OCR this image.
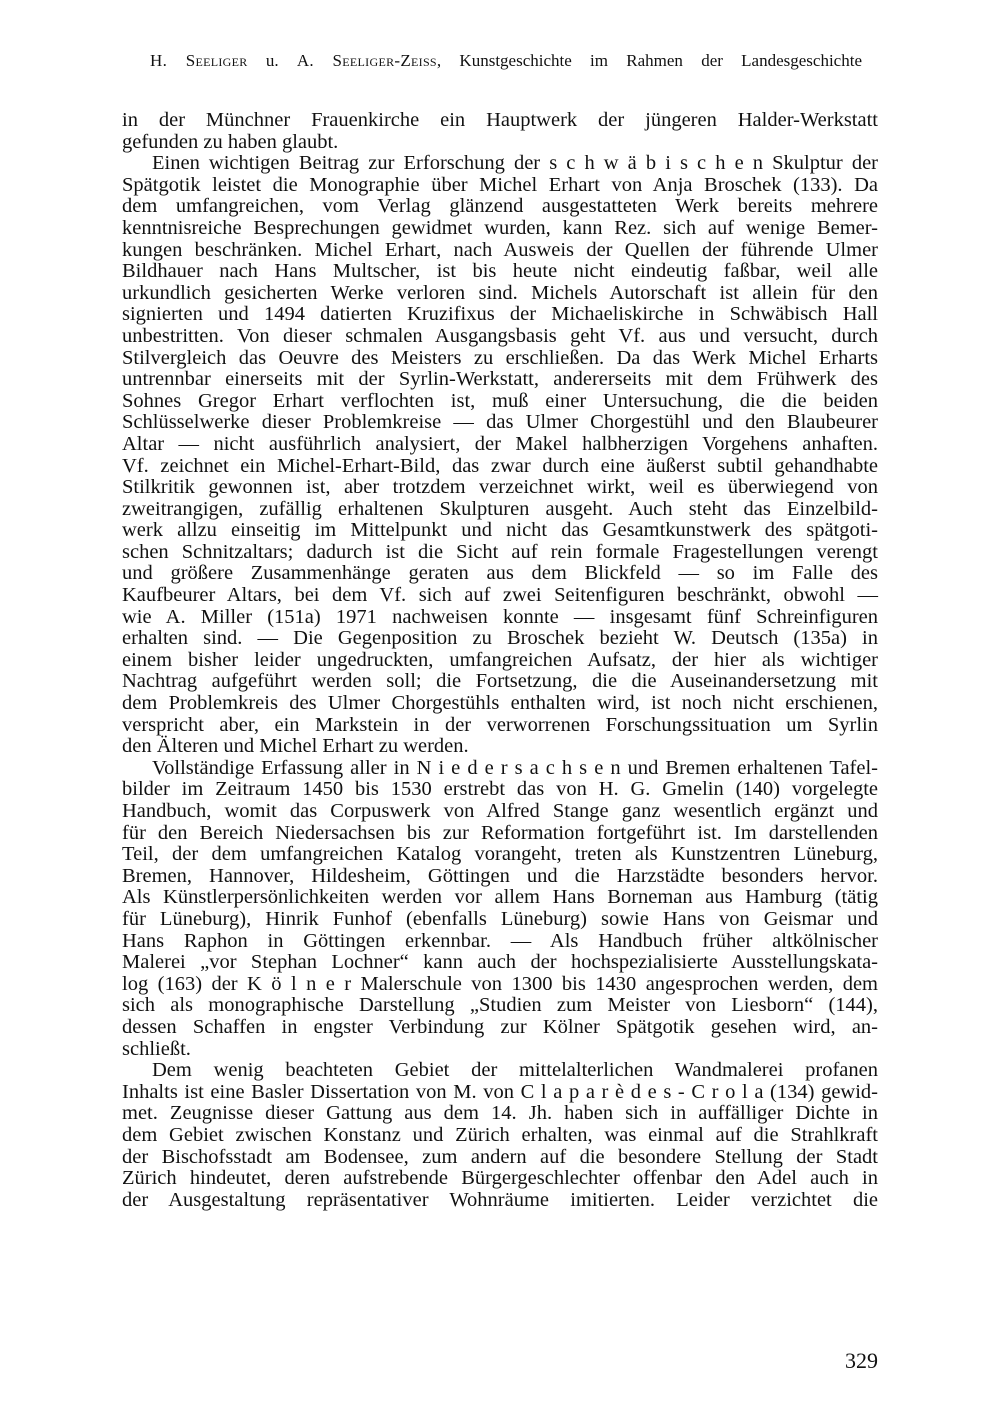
H. Seeliger u. A. Seeliger-Zeiss, Kunstgeschichte im Rahmen der Landesgeschichte
in der Münchner Frauenkirche ein Hauptwerk der jüngeren Halder-Werkstatt
gefunden zu haben glaubt.
Einen wichtigen Beitrag zur Erforschung der s c h w ä b i s c h e n Skulptur der
Spätgotik leistet die Monographie über Michel Erhart von Anja Broschek (133). Da
dem umfangreichen, vom Verlag glänzend ausgestatteten Werk bereits mehrere
kenntnisreiche Besprechungen gewidmet wurden, kann Rez. sich auf wenige Bemer-
kungen beschränken. Michel Erhart, nach Ausweis der Quellen der führende Ulmer
Bildhauer nach Hans Multscher, ist bis heute nicht eindeutig faßbar, weil alle
urkundlich gesicherten Werke verloren sind. Michels Autorschaft ist allein für den
signierten und 1494 datierten Kruzifixus der Michaeliskirche in Schwäbisch Hall
unbestritten. Von dieser schmalen Ausgangsbasis geht Vf. aus und versucht, durch
Stilvergleich das Oeuvre des Meisters zu erschließen. Da das Werk Michel Erharts
untrennbar einerseits mit der Syrlin-Werkstatt, andererseits mit dem Frühwerk des
Sohnes Gregor Erhart verflochten ist, muß einer Untersuchung, die die beiden
Schlüsselwerke dieser Problemkreise — das Ulmer Chorgestühl und den Blaubeurer
Altar — nicht ausführlich analysiert, der Makel halbherzigen Vorgehens anhaften.
Vf. zeichnet ein Michel-Erhart-Bild, das zwar durch eine äußerst subtil gehandhabte
Stilkritik gewonnen ist, aber trotzdem verzeichnet wirkt, weil es überwiegend von
zweitrangigen, zufällig erhaltenen Skulpturen ausgeht. Auch steht das Einzelbild-
werk allzu einseitig im Mittelpunkt und nicht das Gesamtkunstwerk des spätgoti-
schen Schnitzaltars; dadurch ist die Sicht auf rein formale Fragestellungen verengt
und größere Zusammenhänge geraten aus dem Blickfeld — so im Falle des
Kaufbeurer Altars, bei dem Vf. sich auf zwei Seitenfiguren beschränkt, obwohl —
wie A. Miller (151a) 1971 nachweisen konnte — insgesamt fünf Schreinfiguren
erhalten sind. — Die Gegenposition zu Broschek bezieht W. Deutsch (135a) in
einem bisher leider ungedruckten, umfangreichen Aufsatz, der hier als wichtiger
Nachtrag aufgeführt werden soll; die Fortsetzung, die die Auseinandersetzung mit
dem Problemkreis des Ulmer Chorgestühls enthalten wird, ist noch nicht erschienen,
verspricht aber, ein Markstein in der verworrenen Forschungssituation um Syrlin
den Älteren und Michel Erhart zu werden.
Vollständige Erfassung aller in N i e d e r s a c h s e n und Bremen erhaltenen Tafel-
bilder im Zeitraum 1450 bis 1530 erstrebt das von H. G. Gmelin (140) vorgelegte
Handbuch, womit das Corpuswerk von Alfred Stange ganz wesentlich ergänzt und
für den Bereich Niedersachsen bis zur Reformation fortgeführt ist. Im darstellenden
Teil, der dem umfangreichen Katalog vorangeht, treten als Kunstzentren Lüneburg,
Bremen, Hannover, Hildesheim, Göttingen und die Harzstädte besonders hervor.
Als Künstlerpersönlichkeiten werden vor allem Hans Borneman aus Hamburg (tätig
für Lüneburg), Hinrik Funhof (ebenfalls Lüneburg) sowie Hans von Geismar und
Hans Raphon in Göttingen erkennbar. — Als Handbuch früher altkölnischer
Malerei „vor Stephan Lochner“ kann auch der hochspezialisierte Ausstellungskata-
log (163) der K ö l n e r Malerschule von 1300 bis 1430 angesprochen werden, dem
sich als monographische Darstellung „Studien zum Meister von Liesborn“ (144),
dessen Schaffen in engster Verbindung zur Kölner Spätgotik gesehen wird, an-
schließt.
Dem wenig beachteten Gebiet der mittelalterlichen Wandmalerei profanen
Inhalts ist eine Basler Dissertation von M. von C l a p a r è d e s - C r o l a (134) gewid-
met. Zeugnisse dieser Gattung aus dem 14. Jh. haben sich in auffälliger Dichte in
dem Gebiet zwischen Konstanz und Zürich erhalten, was einmal auf die Strahlkraft
der Bischofsstadt am Bodensee, zum andern auf die besondere Stellung der Stadt
Zürich hindeutet, deren aufstrebende Bürgergeschlechter offenbar den Adel auch in
der Ausgestaltung repräsentativer Wohnräume imitierten. Leider verzichtet die
329
